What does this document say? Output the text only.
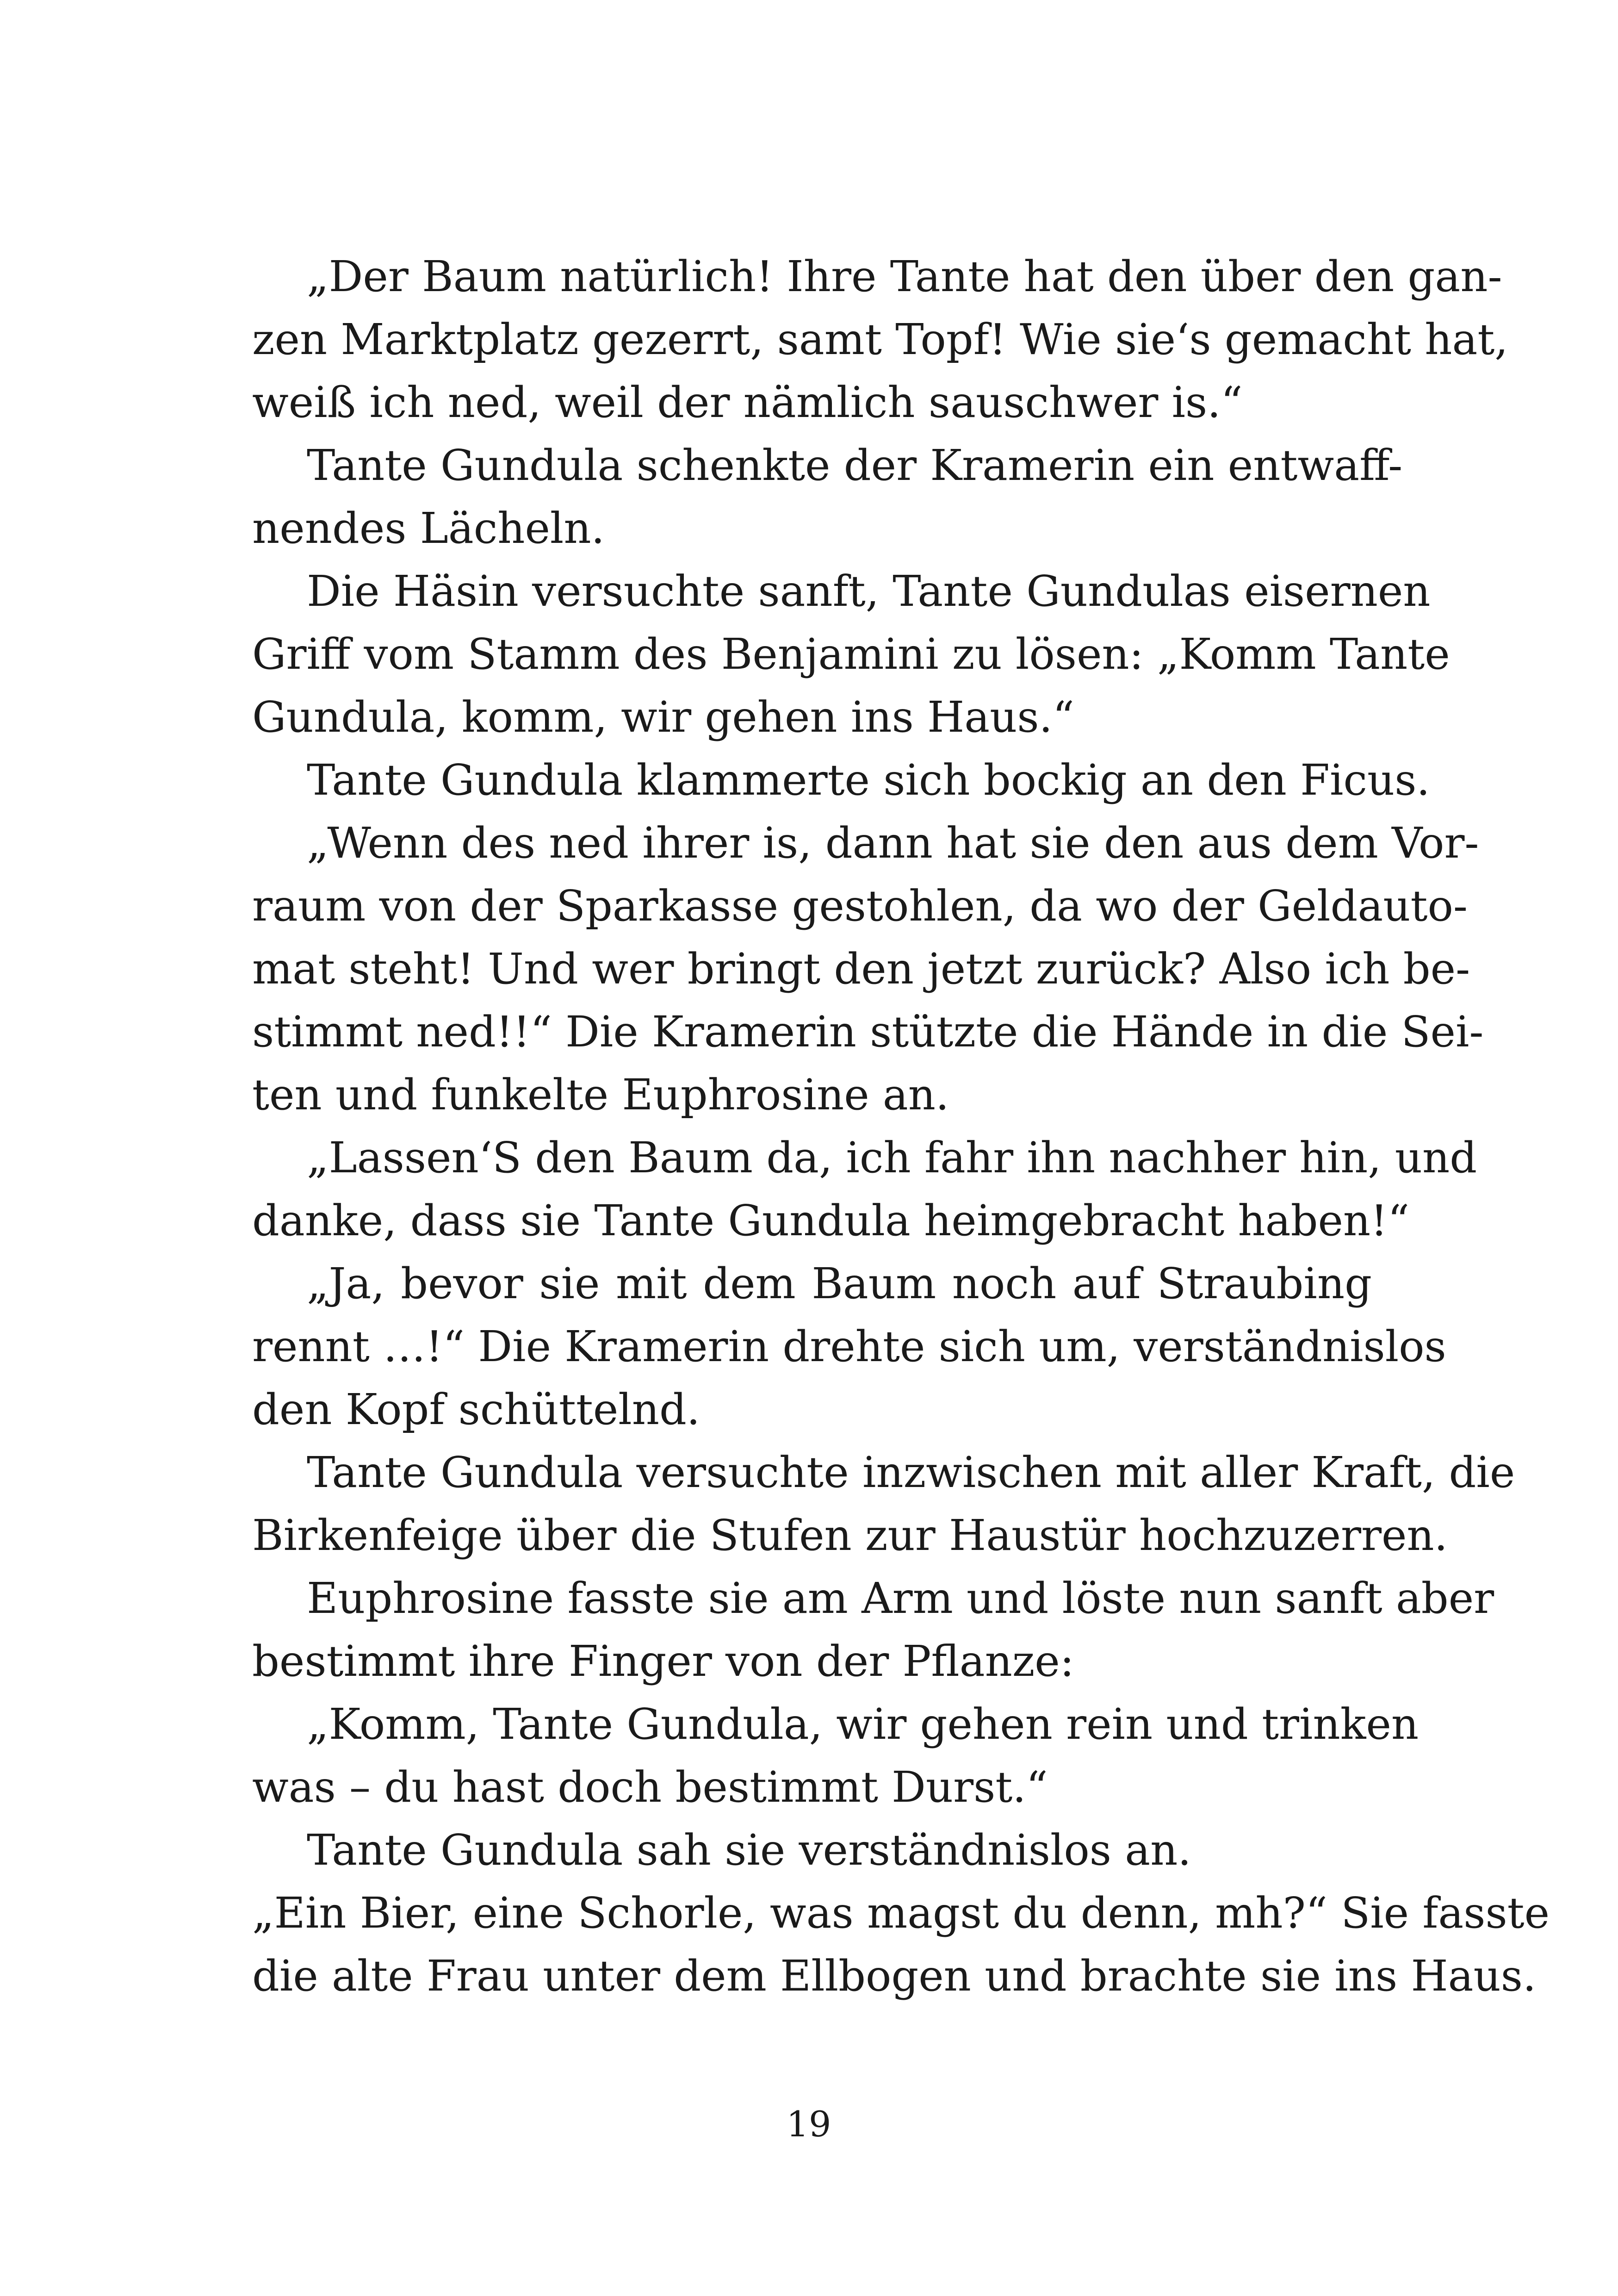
„Der Baum natürlich! Ihre Tante hat den über den gan-
zen Marktplatz gezerrt, samt Topf! Wie sie‘s gemacht hat,
weiß ich ned, weil der nämlich sauschwer is.“
Tante Gundula schenkte der Kramerin ein entwaff-
nendes Lächeln.
Die Häsin versuchte sanft, Tante Gundulas eisernen
Griff vom Stamm des Benjamini zu lösen: „Komm Tante
Gundula, komm, wir gehen ins Haus.“
Tante Gundula klammerte sich bockig an den Ficus.
„Wenn des ned ihrer is, dann hat sie den aus dem Vor-
raum von der Sparkasse gestohlen, da wo der Geldauto-
mat steht! Und wer bringt den jetzt zurück? Also ich be-
stimmt ned!!“ Die Kramerin stützte die Hände in die Sei-
ten und funkelte Euphrosine an.
„Lassen‘S den Baum da, ich fahr ihn nachher hin, und
danke, dass sie Tante Gundula heimgebracht haben!“
„Ja, bevor sie mit dem Baum noch auf Straubing
rennt …!“ Die Kramerin drehte sich um, verständnislos
den Kopf schüttelnd.
Tante Gundula versuchte inzwischen mit aller Kraft, die
Birkenfeige über die Stufen zur Haustür hochzuzerren.
Euphrosine fasste sie am Arm und löste nun sanft aber
bestimmt ihre Finger von der Pflanze:
„Komm, Tante Gundula, wir gehen rein und trinken
was – du hast doch bestimmt Durst.“
Tante Gundula sah sie verständnislos an.
„Ein Bier, eine Schorle, was magst du denn, mh?“ Sie fasste
die alte Frau unter dem Ellbogen und brachte sie ins Haus.
19
